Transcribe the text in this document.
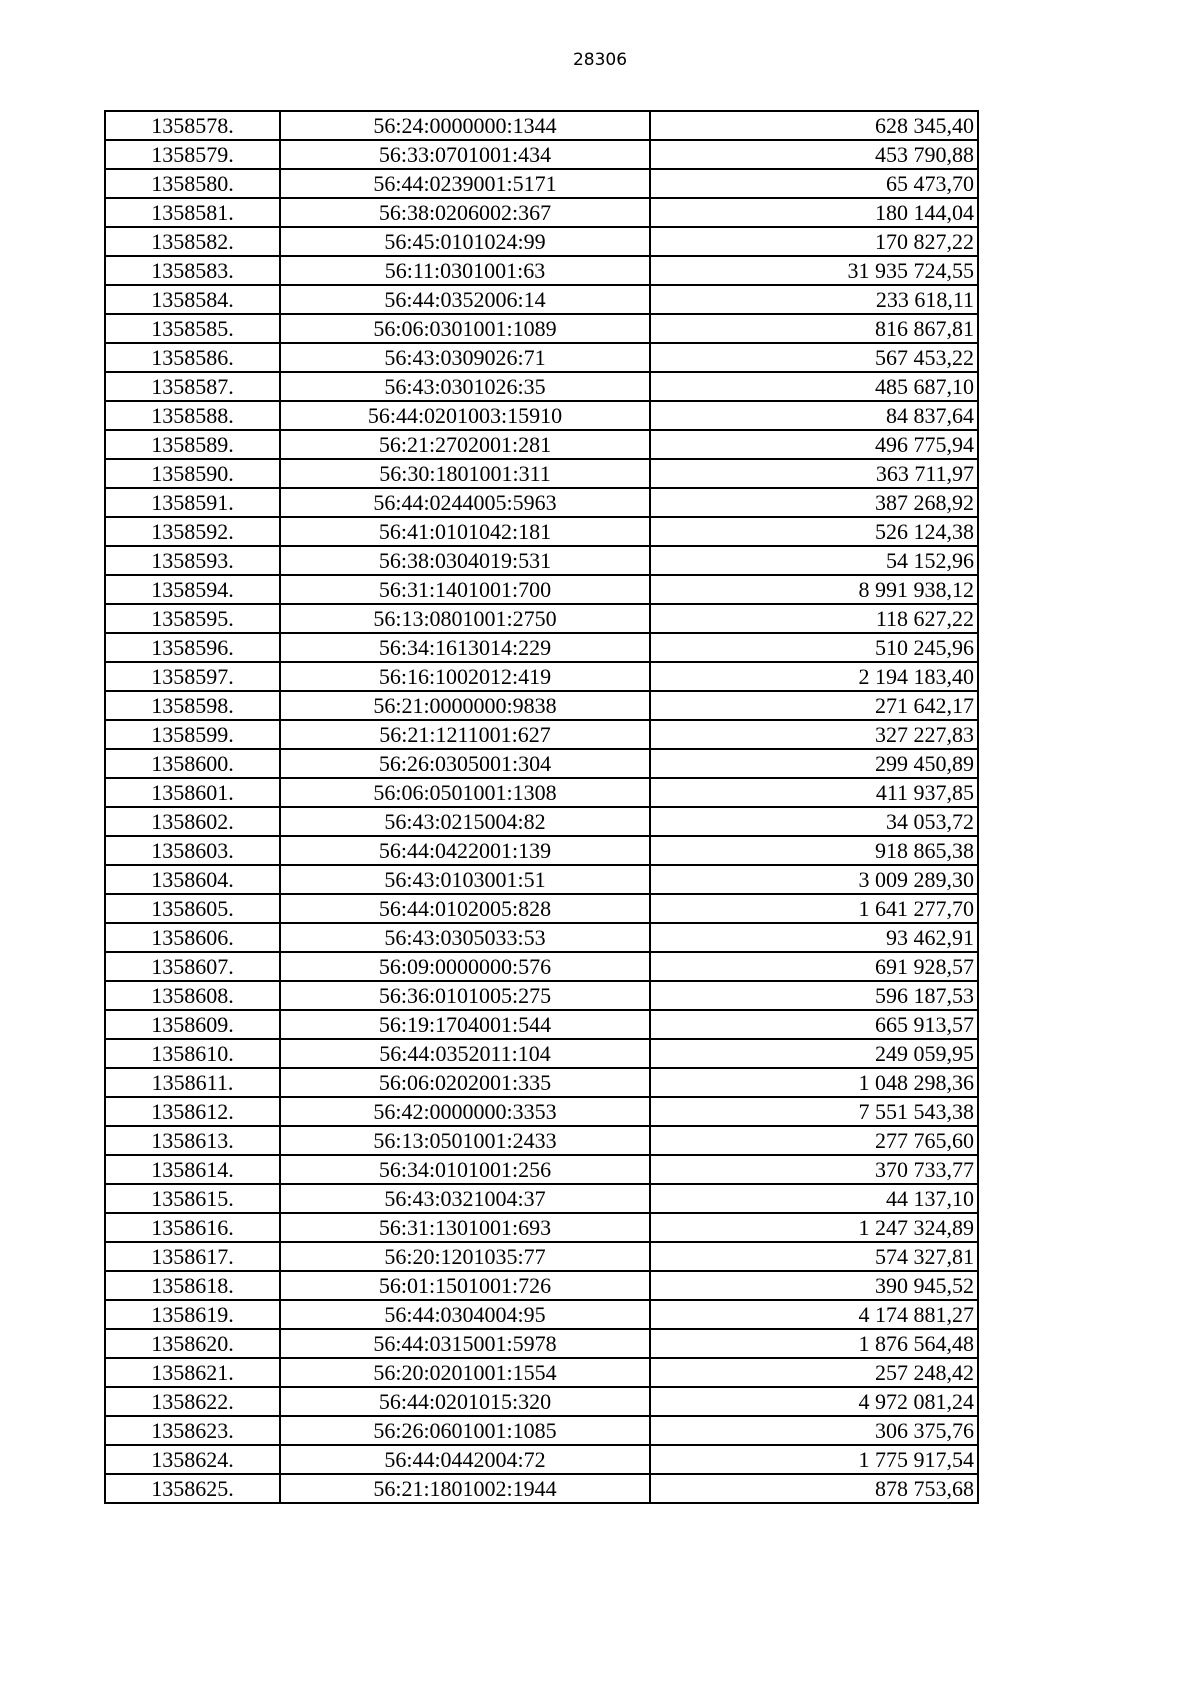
28306
1358578.	56:24:0000000:1344	628 345,40
1358579.	56:33:0701001:434	453 790,88
1358580.	56:44:0239001:5171	65 473,70
1358581.	56:38:0206002:367	180 144,04
1358582.	56:45:0101024:99	170 827,22
1358583.	56:11:0301001:63	31 935 724,55
1358584.	56:44:0352006:14	233 618,11
1358585.	56:06:0301001:1089	816 867,81
1358586.	56:43:0309026:71	567 453,22
1358587.	56:43:0301026:35	485 687,10
1358588.	56:44:0201003:15910	84 837,64
1358589.	56:21:2702001:281	496 775,94
1358590.	56:30:1801001:311	363 711,97
1358591.	56:44:0244005:5963	387 268,92
1358592.	56:41:0101042:181	526 124,38
1358593.	56:38:0304019:531	54 152,96
1358594.	56:31:1401001:700	8 991 938,12
1358595.	56:13:0801001:2750	118 627,22
1358596.	56:34:1613014:229	510 245,96
1358597.	56:16:1002012:419	2 194 183,40
1358598.	56:21:0000000:9838	271 642,17
1358599.	56:21:1211001:627	327 227,83
1358600.	56:26:0305001:304	299 450,89
1358601.	56:06:0501001:1308	411 937,85
1358602.	56:43:0215004:82	34 053,72
1358603.	56:44:0422001:139	918 865,38
1358604.	56:43:0103001:51	3 009 289,30
1358605.	56:44:0102005:828	1 641 277,70
1358606.	56:43:0305033:53	93 462,91
1358607.	56:09:0000000:576	691 928,57
1358608.	56:36:0101005:275	596 187,53
1358609.	56:19:1704001:544	665 913,57
1358610.	56:44:0352011:104	249 059,95
1358611.	56:06:0202001:335	1 048 298,36
1358612.	56:42:0000000:3353	7 551 543,38
1358613.	56:13:0501001:2433	277 765,60
1358614.	56:34:0101001:256	370 733,77
1358615.	56:43:0321004:37	44 137,10
1358616.	56:31:1301001:693	1 247 324,89
1358617.	56:20:1201035:77	574 327,81
1358618.	56:01:1501001:726	390 945,52
1358619.	56:44:0304004:95	4 174 881,27
1358620.	56:44:0315001:5978	1 876 564,48
1358621.	56:20:0201001:1554	257 248,42
1358622.	56:44:0201015:320	4 972 081,24
1358623.	56:26:0601001:1085	306 375,76
1358624.	56:44:0442004:72	1 775 917,54
1358625.	56:21:1801002:1944	878 753,68
